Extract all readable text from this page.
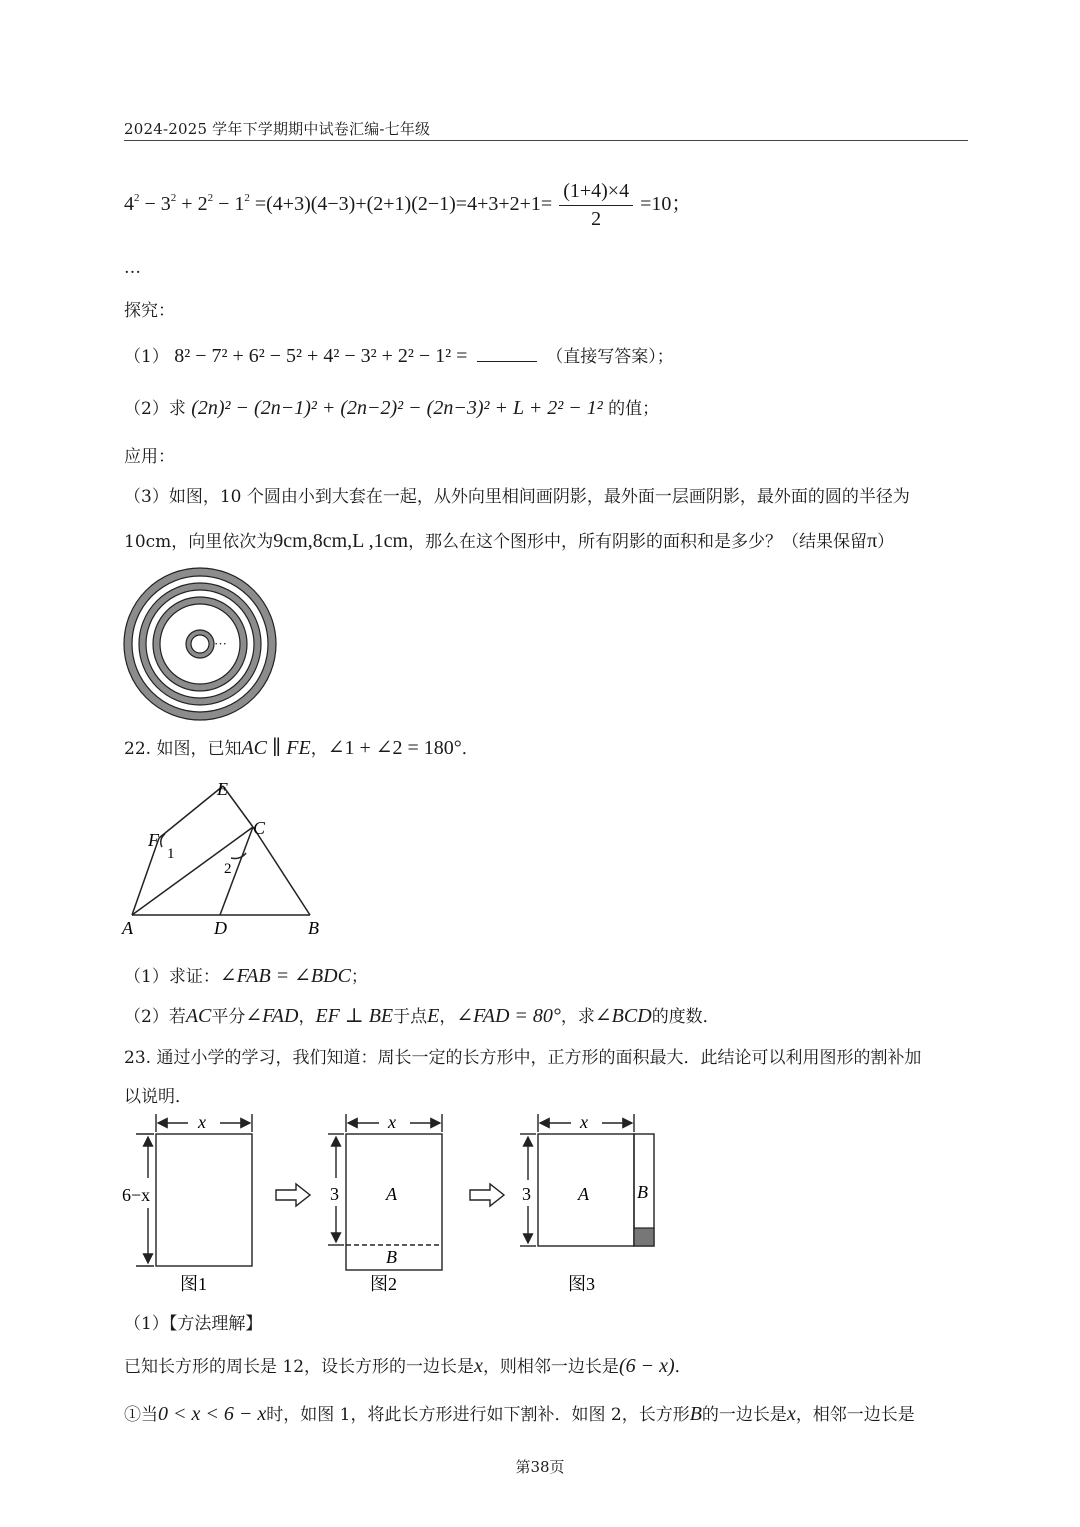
2024-2025 学年下学期期中试卷汇编-七年级
$4^2 - 3^2 + 2^2 - 1^2 =(4+3)(4-3)+(2+1)(2-1)=4+3+2+1= \frac{(1+4)\times 4}{2} =10$；
…
探究：
（1） 8² − 7² + 6² − 5² + 4² − 3² + 2² − 1² =	（直接写答案）；
（2）求 (2n)² − (2n−1)² + (2n−2)² − (2n−3)² + L + 2² − 1² 的值；
应用：
（3）如图，10 个圆由小到大套在一起，从外向里相间画阴影，最外面一层画阴影，最外面的圆的半径为
10cm，向里依次为9cm,8cm,L ,1cm，那么在这个图形中，所有阴影的面积和是多少？（结果保留π）
···
22. 如图，已知AC ∥ FE，∠1 + ∠2 = 180°．
E
C
F
1
2
A	D	B
（1）求证：∠FAB = ∠BDC；
（2）若AC平分∠FAD，EF ⊥ BE于点E，∠FAD = 80°，求∠BCD的度数．
23. 通过小学的学习，我们知道：周长一定的长方形中，正方形的面积最大．此结论可以利用图形的割补加
以说明．
x
6−x
图1
x
3	A
B
图2
x
3	A	B
图3
（1）【方法理解】
已知长方形的周长是 12，设长方形的一边长是x，则相邻一边长是(6 − x)．
①当0 < x < 6 − x时，如图 1，将此长方形进行如下割补．如图 2，长方形B的一边长是x，相邻一边长是
第38页
